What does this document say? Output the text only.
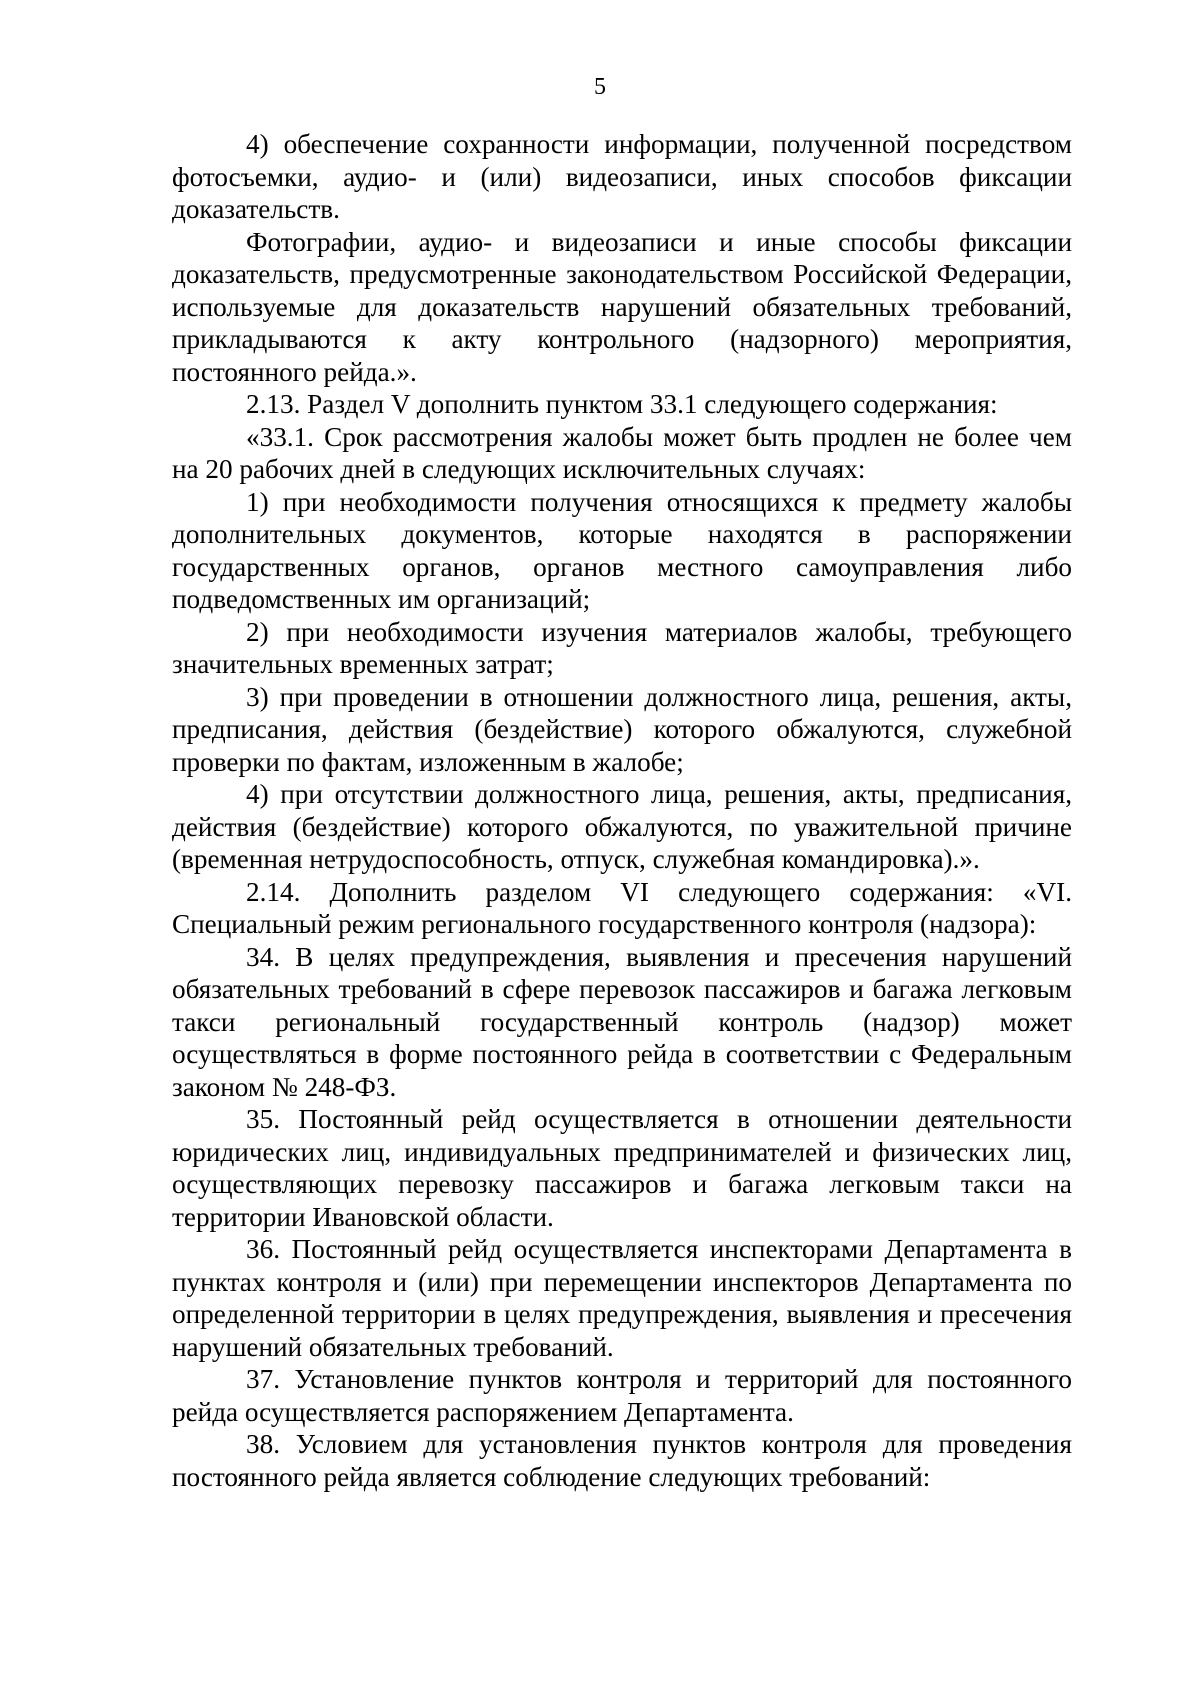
5

4) обеспечение сохранности информации, полученной посредством фотосъемки, аудио- и (или) видеозаписи, иных способов фиксации доказательств.

Фотографии, аудио- и видеозаписи и иные способы фиксации доказательств, предусмотренные законодательством Российской Федерации, используемые для доказательств нарушений обязательных требований, прикладываются к акту контрольного (надзорного) мероприятия, постоянного рейда.».

2.13. Раздел V дополнить пунктом 33.1 следующего содержания:

«33.1. Срок рассмотрения жалобы может быть продлен не более чем на 20 рабочих дней в следующих исключительных случаях:

1) при необходимости получения относящихся к предмету жалобы дополнительных документов, которые находятся в распоряжении государственных органов, органов местного самоуправления либо подведомственных им организаций;

2) при необходимости изучения материалов жалобы, требующего значительных временных затрат;

3) при проведении в отношении должностного лица, решения, акты, предписания, действия (бездействие) которого обжалуются, служебной проверки по фактам, изложенным в жалобе;

4) при отсутствии должностного лица, решения, акты, предписания, действия (бездействие) которого обжалуются, по уважительной причине (временная нетрудоспособность, отпуск, служебная командировка).».

2.14. Дополнить разделом VI следующего содержания: «VI. Специальный режим регионального государственного контроля (надзора):

34. В целях предупреждения, выявления и пресечения нарушений обязательных требований в сфере перевозок пассажиров и багажа легковым такси региональный государственный контроль (надзор) может осуществляться в форме постоянного рейда в соответствии с Федеральным законом № 248-ФЗ.

35. Постоянный рейд осуществляется в отношении деятельности юридических лиц, индивидуальных предпринимателей и физических лиц, осуществляющих перевозку пассажиров и багажа легковым такси на территории Ивановской области.

36. Постоянный рейд осуществляется инспекторами Департамента в пунктах контроля и (или) при перемещении инспекторов Департамента по определенной территории в целях предупреждения, выявления и пресечения нарушений обязательных требований.

37. Установление пунктов контроля и территорий для постоянного рейда осуществляется распоряжением Департамента.

38. Условием для установления пунктов контроля для проведения постоянного рейда является соблюдение следующих требований:
